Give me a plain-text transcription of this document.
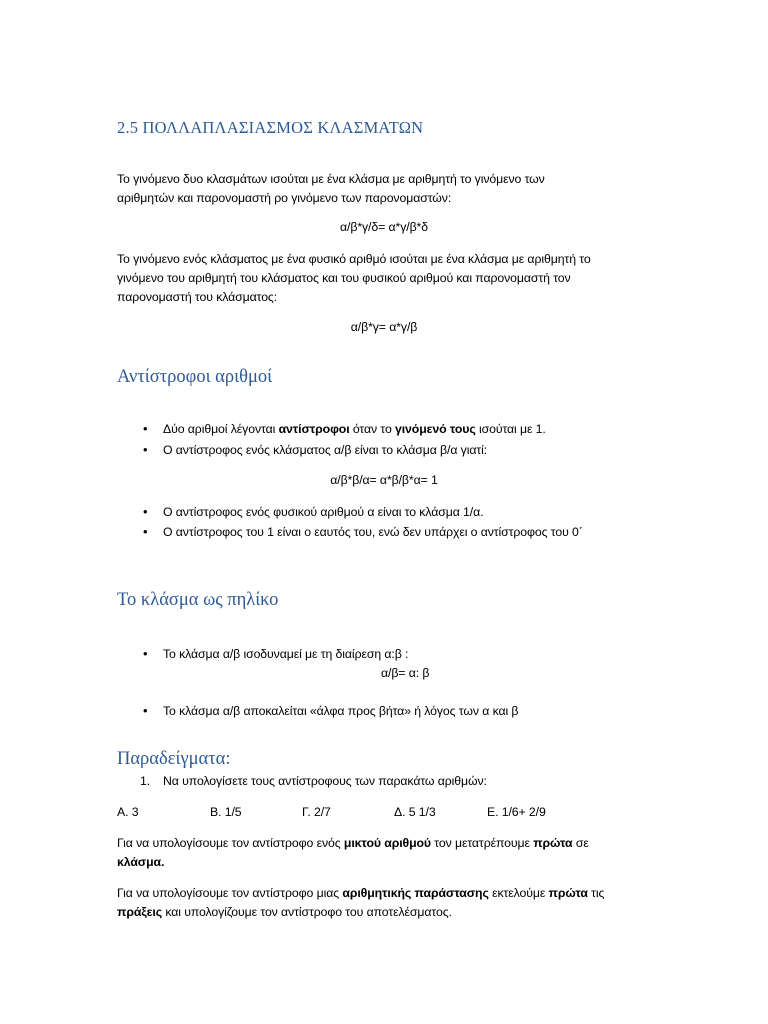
2.5 ΠΟΛΛΑΠΛΑΣΙΑΣΜΟΣ ΚΛΑΣΜΑΤΩΝ
Το γινόμενο δυο κλασμάτων ισούται με ένα κλάσμα με αριθμητή το γινόμενο των
αριθμητών και παρονομαστή ρο γινόμενο των παρονομαστών:
α/β*γ/δ= α*γ/β*δ
Το γινόμενο ενός κλάσματος με ένα φυσικό αριθμό ισούται με ένα κλάσμα με αριθμητή το
γινόμενο του αριθμητή του κλάσματος και του φυσικού αριθμού και παρονομαστή τον
παρονομαστή του κλάσματος:
α/β*γ= α*γ/β
Αντίστροφοι αριθμοί
• Δύο αριθμοί λέγονται αντίστροφοι όταν το γινόμενό τους ισούται με 1.
• Ο αντίστροφος ενός κλάσματος α/β είναι το κλάσμα β/α γιατί:
α/β*β/α= α*β/β*α= 1
• Ο αντίστροφος ενός φυσικού αριθμού α είναι το κλάσμα 1/α.
• Ο αντίστροφος του 1 είναι ο εαυτός του, ενώ δεν υπάρχει ο αντίστροφος του 0΄
Το κλάσμα ως πηλίκο
• Το κλάσμα α/β ισοδυναμεί με τη διαίρεση α:β :
α/β= α: β
• Το κλάσμα α/β αποκαλείται «άλφα προς βήτα» ή λόγος των α και β
Παραδείγματα:
1. Να υπολογίσετε τους αντίστροφους των παρακάτω αριθμών:
Α. 3	Β. 1/5	Γ. 2/7	Δ. 5 1/3	Ε. 1/6+ 2/9
Για να υπολογίσουμε τον αντίστροφο ενός μικτού αριθμού τον μετατρέπουμε πρώτα σε
κλάσμα.
Για να υπολογίσουμε τον αντίστροφο μιας αριθμητικής παράστασης εκτελούμε πρώτα τις
πράξεις και υπολογίζουμε τον αντίστροφο του αποτελέσματος.
